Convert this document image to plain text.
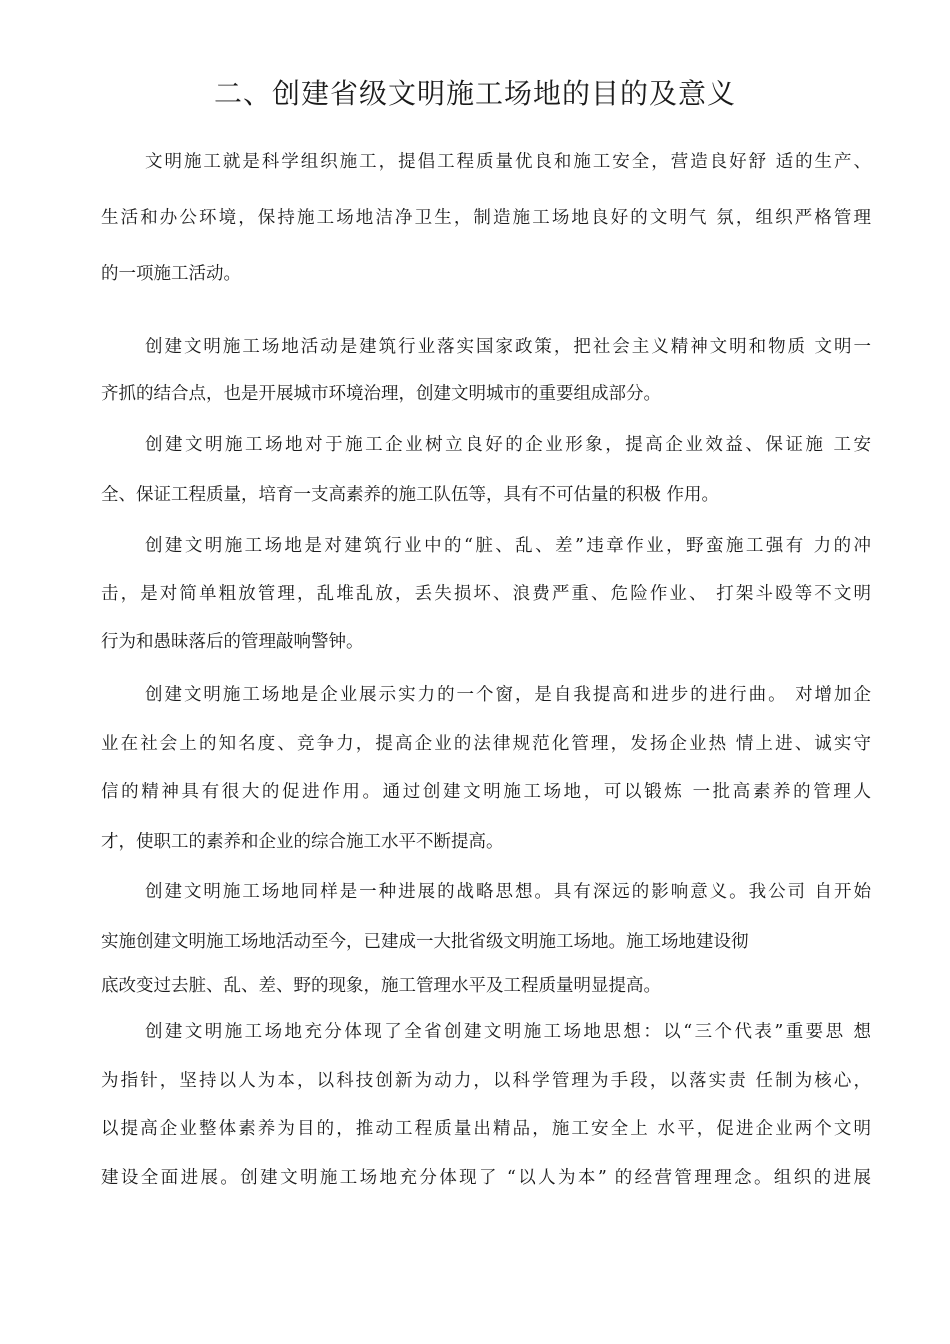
二、创建省级文明施工场地的目的及意义
文明施工就是科学组织施工，提倡工程质量优良和施工安全，营造良好舒 适的生产、
生活和办公环境，保持施工场地洁净卫生，制造施工场地良好的文明气 氛，组织严格管理
的一项施工活动。
创建文明施工场地活动是建筑行业落实国家政策，把社会主义精神文明和物质 文明一
齐抓的结合点，也是开展城市环境治理，创建文明城市的重要组成部分。
创建文明施工场地对于施工企业树立良好的企业形象，提高企业效益、保证施 工安
全、保证工程质量，培育一支高素养的施工队伍等，具有不可估量的积极 作用。
创建文明施工场地是对建筑行业中的“脏、乱、差”违章作业，野蛮施工强有 力的冲
击，是对简单粗放管理，乱堆乱放，丢失损坏、浪费严重、危险作业、 打架斗殴等不文明
行为和愚昧落后的管理敲响警钟。
创建文明施工场地是企业展示实力的一个窗，是自我提高和进步的进行曲。 对增加企
业在社会上的知名度、竞争力，提高企业的法律规范化管理，发扬企业热 情上进、诚实守
信的精神具有很大的促进作用。通过创建文明施工场地，可以锻炼 一批高素养的管理人
才，使职工的素养和企业的综合施工水平不断提高。
创建文明施工场地同样是一种进展的战略思想。具有深远的影响意义。我公司 自开始
实施创建文明施工场地活动至今，已建成一大批省级文明施工场地。施工场地建设彻
底改变过去脏、乱、差、野的现象，施工管理水平及工程质量明显提高。
创建文明施工场地充分体现了全省创建文明施工场地思想：以“三个代表”重要思 想
为指针，坚持以人为本，以科技创新为动力，以科学管理为手段，以落实责 任制为核心，
以提高企业整体素养为目的，推动工程质量出精品，施工安全上 水平，促进企业两个文明
建设全面进展。创建文明施工场地充分体现了 “以人为本” 的经营管理理念。组织的进展
